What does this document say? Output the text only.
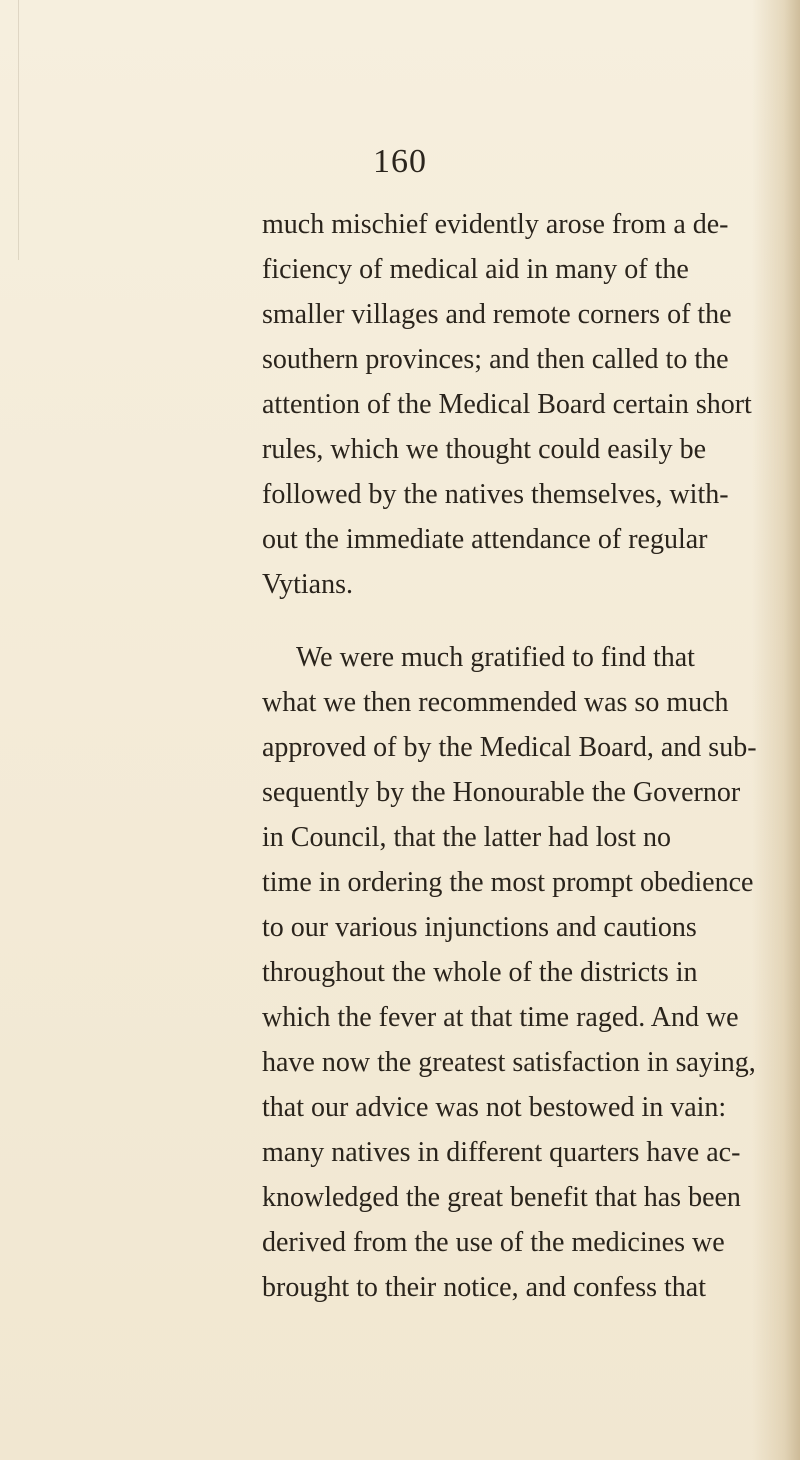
160
much mischief evidently arose from a de-
ficiency of medical aid in many of the
smaller villages and remote corners of the
southern provinces; and then called to the
attention of the Medical Board certain short
rules, which we thought could easily be
followed by the natives themselves, with-
out the immediate attendance of regular
Vytians.
We were much gratified to find that
what we then recommended was so much
approved of by the Medical Board, and sub-
sequently by the Honourable the Governor
in Council, that the latter had lost no
time in ordering the most prompt obedience
to our various injunctions and cautions
throughout the whole of the districts in
which the fever at that time raged. And we
have now the greatest satisfaction in saying,
that our advice was not bestowed in vain:
many natives in different quarters have ac-
knowledged the great benefit that has been
derived from the use of the medicines we
brought to their notice, and confess that
